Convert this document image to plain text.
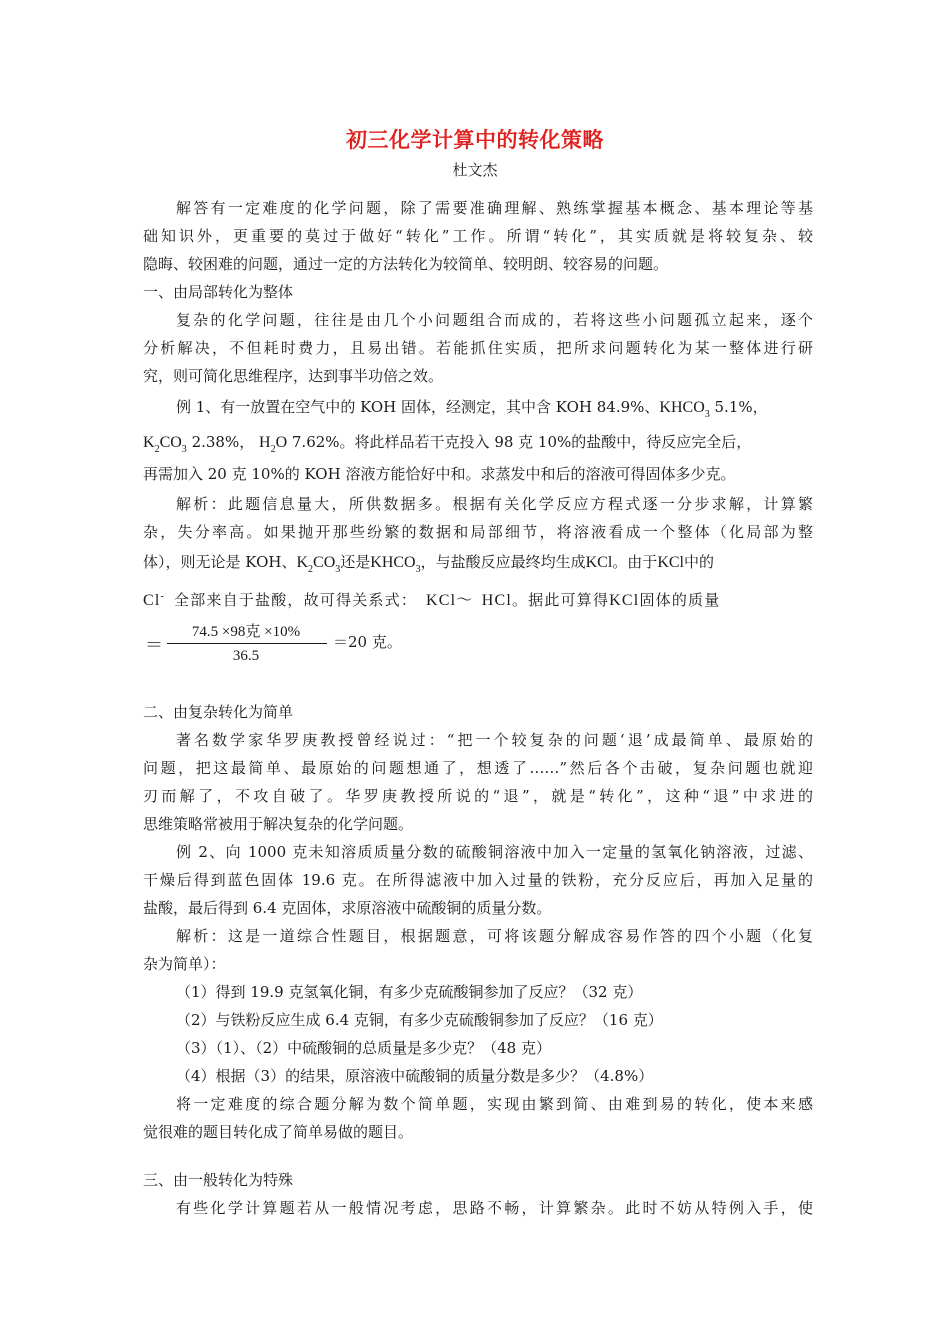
初三化学计算中的转化策略
杜文杰
解答有一定难度的化学问题，除了需要准确理解、熟练掌握基本概念、基本理论等基
础知识外，更重要的莫过于做好“转化”工作。所谓“转化”，其实质就是将较复杂、较
隐晦、较困难的问题，通过一定的方法转化为较简单、较明朗、较容易的问题。
一、由局部转化为整体
复杂的化学问题，往往是由几个小问题组合而成的，若将这些小问题孤立起来，逐个
分析解决，不但耗时费力，且易出错。若能抓住实质，把所求问题转化为某一整体进行研
究，则可简化思维程序，达到事半功倍之效。
例 1、有一放置在空气中的 KOH 固体，经测定，其中含 KOH 84.9%、$KHCO_3$ 5.1%，
$K_2CO_3$ 2.38%， $H_2O$ 7.62%。将此样品若干克投入 98 克 10%的盐酸中，待反应完全后，
再需加入 20 克 10%的 KOH 溶液方能恰好中和。求蒸发中和后的溶液可得固体多少克。
解析：此题信息量大，所供数据多。根据有关化学反应方程式逐一分步求解，计算繁
杂，失分率高。如果抛开那些纷繁的数据和局部细节，将溶液看成一个整体（化局部为整
体），则无论是 KOH、$K_2CO_3$还是$KHCO_3$，与盐酸反应最终均生成KCl。由于KCl中的
Cl- 全部来自于盐酸，故可得关系式： KCl～ HCl。据此可算得KCl固体的质量
＝
74.5 ×98克 ×10%
36.5
＝20 克。
二、由复杂转化为简单
著名数学家华罗庚教授曾经说过：“把一个较复杂的问题‘退’成最简单、最原始的
问题，把这最简单、最原始的问题想通了，想透了……”然后各个击破，复杂问题也就迎
刃而解了，不攻自破了。华罗庚教授所说的“退”，就是“转化”，这种“退”中求进的
思维策略常被用于解决复杂的化学问题。
例 2、向 1000 克未知溶质质量分数的硫酸铜溶液中加入一定量的氢氧化钠溶液，过滤、
干燥后得到蓝色固体 19.6 克。在所得滤液中加入过量的铁粉，充分反应后，再加入足量的
盐酸，最后得到 6.4 克固体，求原溶液中硫酸铜的质量分数。
解析：这是一道综合性题目，根据题意，可将该题分解成容易作答的四个小题（化复
杂为简单）：
（1）得到 19.9 克氢氧化铜，有多少克硫酸铜参加了反应？（32 克）
（2）与铁粉反应生成 6.4 克铜，有多少克硫酸铜参加了反应？（16 克）
（3）（1）、（2）中硫酸铜的总质量是多少克？（48 克）
（4）根据（3）的结果，原溶液中硫酸铜的质量分数是多少？（4.8%）
将一定难度的综合题分解为数个简单题，实现由繁到简、由难到易的转化，使本来感
觉很难的题目转化成了简单易做的题目。
三、由一般转化为特殊
有些化学计算题若从一般情况考虑，思路不畅，计算繁杂。此时不妨从特例入手，使
